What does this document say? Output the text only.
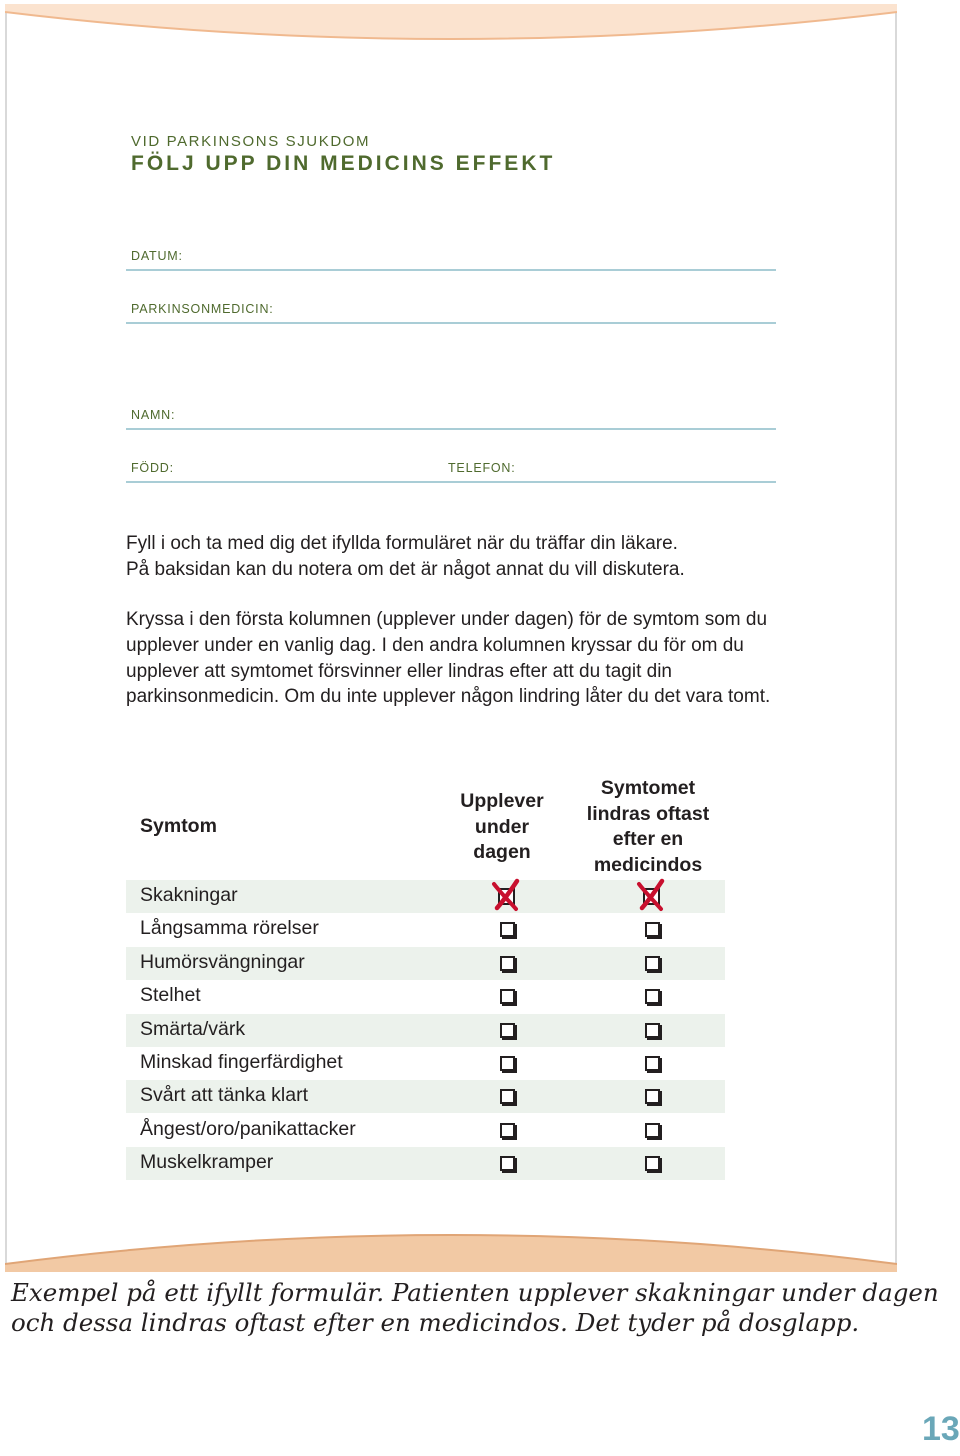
VID PARKINSONS SJUKDOM
FÖLJ UPP DIN MEDICINS EFFEKT
DATUM:
PARKINSONMEDICIN:
NAMN:
FÖDD:	TELEFON:
Fyll i och ta med dig det ifyllda formuläret när du träffar din läkare.
På baksidan kan du notera om det är något annat du vill diskutera.
Kryssa i den första kolumnen (upplever under dagen) för de symtom som du upplever under en vanlig dag. I den andra kolumnen kryssar du för om du upplever att symtomet försvinner eller lindras efter att du tagit din parkinsonmedicin. Om du inte upplever någon lindring låter du det vara tomt.
Symtom
Upplever under dagen
Symtomet lindras oftast efter en medicindos
Skakningar
Långsamma rörelser
Humörsvängningar
Stelhet
Smärta/värk
Minskad fingerfärdighet
Svårt att tänka klart
Ångest/oro/panikattacker
Muskelkramper
Exempel på ett ifyllt formulär. Patienten upplever skakningar under dagen
och dessa lindras oftast efter en medicindos. Det tyder på dosglapp.
13
